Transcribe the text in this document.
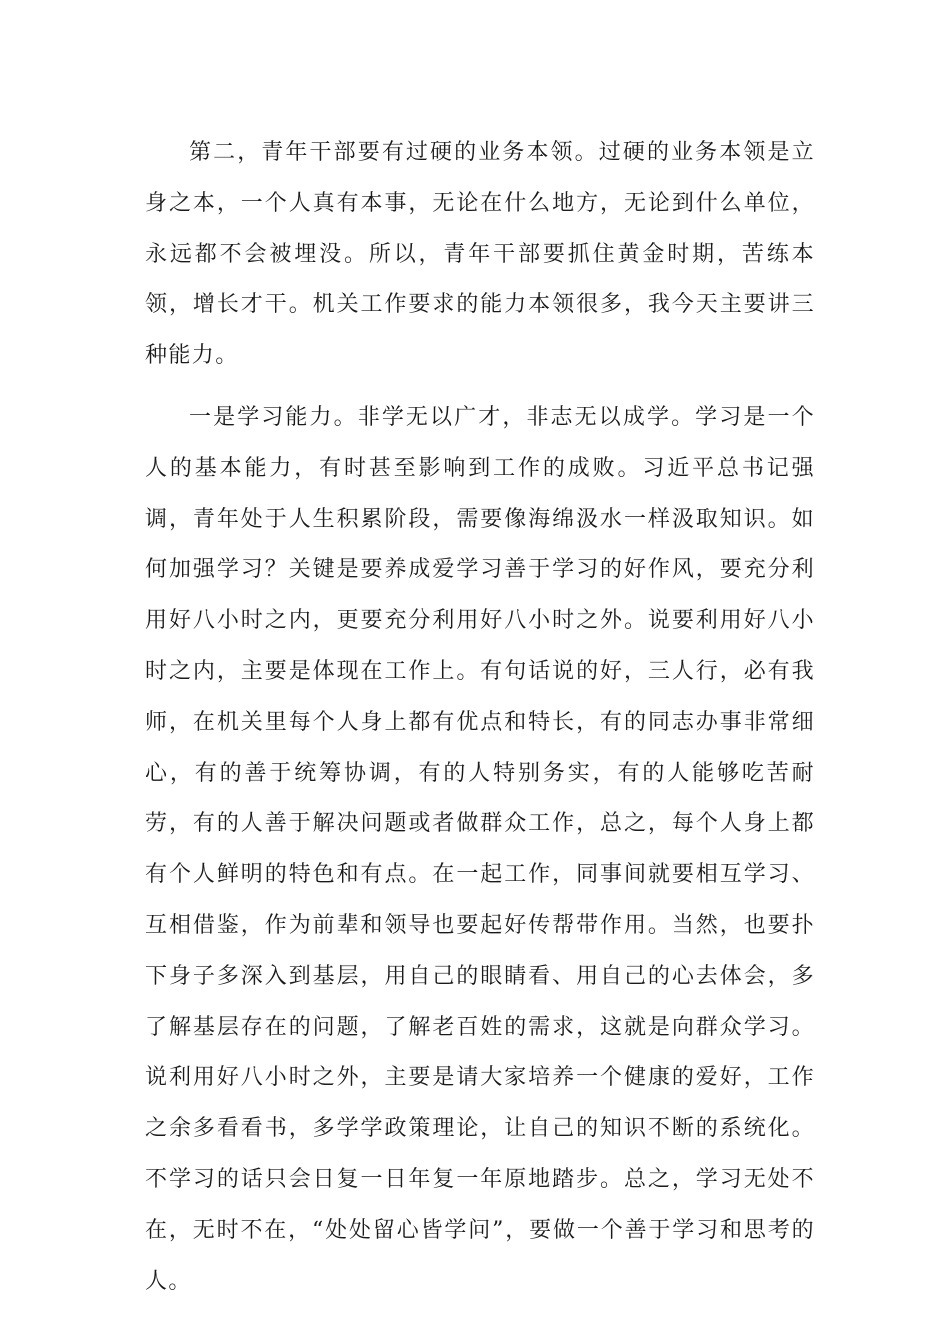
第二，青年干部要有过硬的业务本领。过硬的业务本领是立身之本，一个人真有本事，无论在什么地方，无论到什么单位，永远都不会被埋没。所以，青年干部要抓住黄金时期，苦练本领，增长才干。机关工作要求的能力本领很多，我今天主要讲三种能力。

一是学习能力。非学无以广才，非志无以成学。学习是一个人的基本能力，有时甚至影响到工作的成败。习近平总书记强调，青年处于人生积累阶段，需要像海绵汲水一样汲取知识。如何加强学习？关键是要养成爱学习善于学习的好作风，要充分利用好八小时之内，更要充分利用好八小时之外。说要利用好八小时之内，主要是体现在工作上。有句话说的好，三人行，必有我师，在机关里每个人身上都有优点和特长，有的同志办事非常细心，有的善于统筹协调，有的人特别务实，有的人能够吃苦耐劳，有的人善于解决问题或者做群众工作，总之，每个人身上都有个人鲜明的特色和有点。在一起工作，同事间就要相互学习、互相借鉴，作为前辈和领导也要起好传帮带作用。当然，也要扑下身子多深入到基层，用自己的眼睛看、用自己的心去体会，多了解基层存在的问题，了解老百姓的需求，这就是向群众学习。说利用好八小时之外，主要是请大家培养一个健康的爱好，工作之余多看看书，多学学政策理论，让自己的知识不断的系统化。不学习的话只会日复一日年复一年原地踏步。总之，学习无处不在，无时不在，“处处留心皆学问”，要做一个善于学习和思考的人。
